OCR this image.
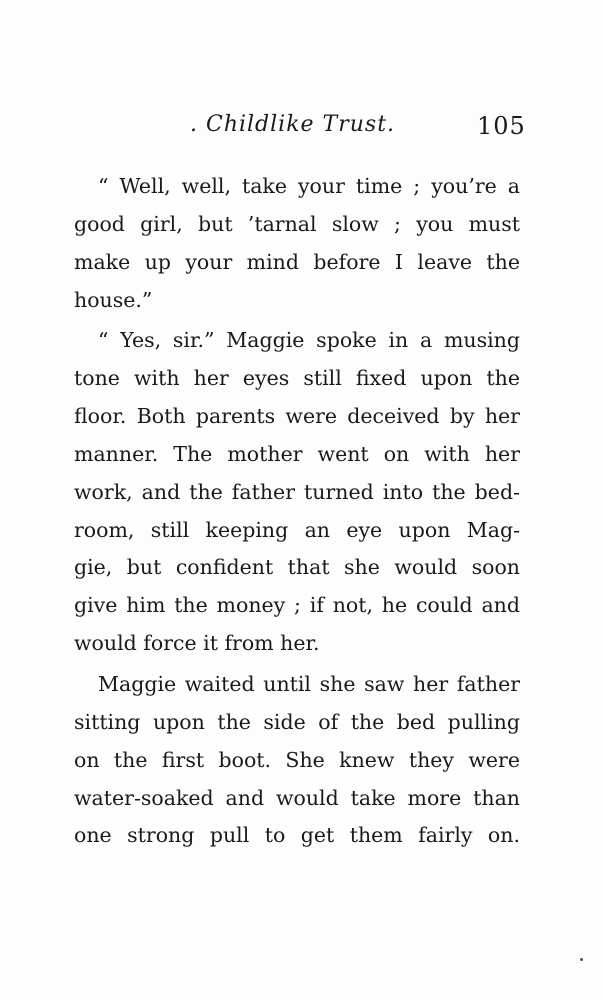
. Childlike Trust.	105
“ Well, well, take your time ; you’re a
good girl, but ’tarnal slow ; you must
make up your mind before I leave the
house.”
“ Yes, sir.” Maggie spoke in a musing
tone with her eyes still fixed upon the
floor. Both parents were deceived by her
manner. The mother went on with her
work, and the father turned into the bed-
room, still keeping an eye upon Mag-
gie, but confident that she would soon
give him the money ; if not, he could and
would force it from her.
Maggie waited until she saw her father
sitting upon the side of the bed pulling
on the first boot. She knew they were
water-soaked and would take more than
one strong pull to get them fairly on.
